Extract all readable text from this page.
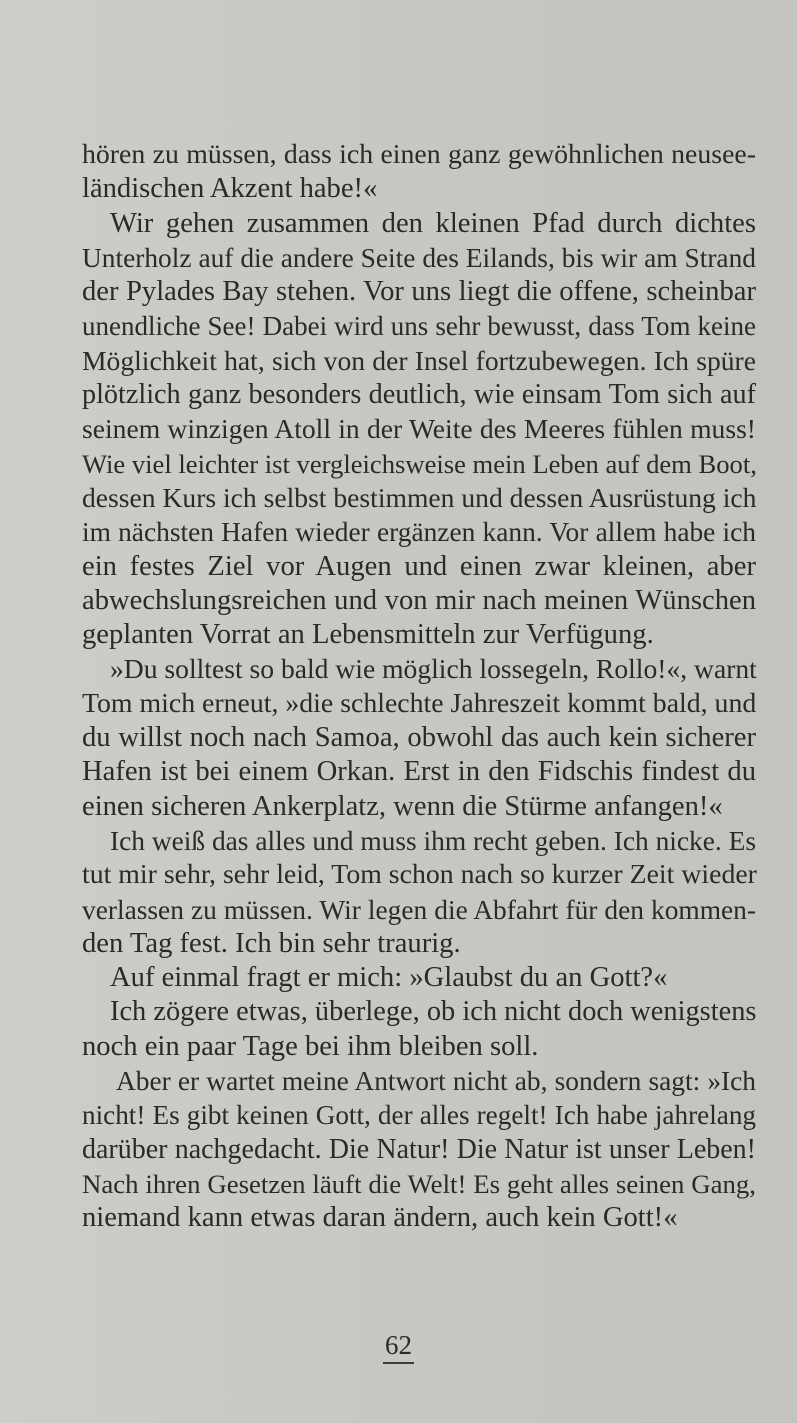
hören zu müssen, dass ich einen ganz gewöhnlichen neusee-
ländischen Akzent habe!«
Wir gehen zusammen den kleinen Pfad durch dichtes
Unterholz auf die andere Seite des Eilands, bis wir am Strand
der Pylades Bay stehen. Vor uns liegt die offene, scheinbar
unendliche See! Dabei wird uns sehr bewusst, dass Tom keine
Möglichkeit hat, sich von der Insel fortzubewegen. Ich spüre
plötzlich ganz besonders deutlich, wie einsam Tom sich auf
seinem winzigen Atoll in der Weite des Meeres fühlen muss!
Wie viel leichter ist vergleichsweise mein Leben auf dem Boot,
dessen Kurs ich selbst bestimmen und dessen Ausrüstung ich
im nächsten Hafen wieder ergänzen kann. Vor allem habe ich
ein festes Ziel vor Augen und einen zwar kleinen, aber
abwechslungsreichen und von mir nach meinen Wünschen
geplanten Vorrat an Lebensmitteln zur Verfügung.
»Du solltest so bald wie möglich lossegeln, Rollo!«, warnt
Tom mich erneut, »die schlechte Jahreszeit kommt bald, und
du willst noch nach Samoa, obwohl das auch kein sicherer
Hafen ist bei einem Orkan. Erst in den Fidschis findest du
einen sicheren Ankerplatz, wenn die Stürme anfangen!«
Ich weiß das alles und muss ihm recht geben. Ich nicke. Es
tut mir sehr, sehr leid, Tom schon nach so kurzer Zeit wieder
verlassen zu müssen. Wir legen die Abfahrt für den kommen-
den Tag fest. Ich bin sehr traurig.
Auf einmal fragt er mich: »Glaubst du an Gott?«
Ich zögere etwas, überlege, ob ich nicht doch wenigstens
noch ein paar Tage bei ihm bleiben soll.
Aber er wartet meine Antwort nicht ab, sondern sagt: »Ich
nicht! Es gibt keinen Gott, der alles regelt! Ich habe jahrelang
darüber nachgedacht. Die Natur! Die Natur ist unser Leben!
Nach ihren Gesetzen läuft die Welt! Es geht alles seinen Gang,
niemand kann etwas daran ändern, auch kein Gott!«
62
